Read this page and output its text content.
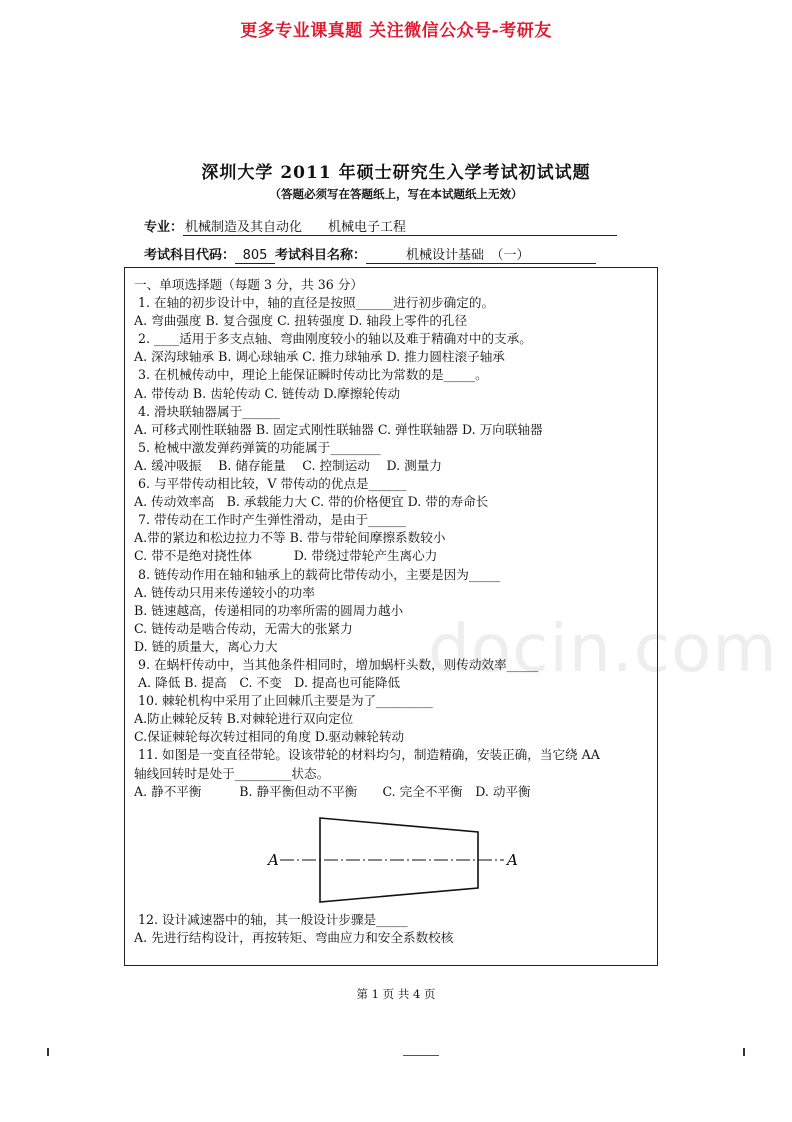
更多专业课真题 关注微信公众号-考研友
深圳大学 2011 年硕士研究生入学考试初试试题
（答题必须写在答题纸上，写在本试题纸上无效）
专业： 机械制造及其自动化　　机械电子工程
考试科目代码： 805 考试科目名称：	机械设计基础　（一）
docin.com
一、单项选择题（每题 3 分，共 36 分）
1. 在轴的初步设计中，轴的直径是按照______进行初步确定的。
A. 弯曲强度 B. 复合强度 C. 扭转强度 D. 轴段上零件的孔径
2. ____适用于多支点轴、弯曲刚度较小的轴以及难于精确对中的支承。
A. 深沟球轴承 B. 调心球轴承 C. 推力球轴承 D. 推力圆柱滚子轴承
3. 在机械传动中，理论上能保证瞬时传动比为常数的是_____。
A. 带传动 B. 齿轮传动 C. 链传动 D.摩擦轮传动
4. 滑块联轴器属于______
A. 可移式刚性联轴器 B. 固定式刚性联轴器 C. 弹性联轴器 D. 万向联轴器
5. 枪械中激发弹药弹簧的功能属于________
A. 缓冲吸振　 B. 储存能量　 C. 控制运动　 D. 测量力
6. 与平带传动相比较，V 带传动的优点是______
A. 传动效率高　B. 承载能力大 C. 带的价格便宜 D. 带的寿命长
7. 带传动在工作时产生弹性滑动，是由于______
A.带的紧边和松边拉力不等 B. 带与带轮间摩擦系数较小
C. 带不是绝对挠性体　　　 D. 带绕过带轮产生离心力
8. 链传动作用在轴和轴承上的载荷比带传动小，主要是因为_____
A. 链传动只用来传递较小的功率
B. 链速越高，传递相同的功率所需的圆周力越小
C. 链传动是啮合传动，无需大的张紧力
D. 链的质量大，离心力大
9. 在蜗杆传动中，当其他条件相同时，增加蜗杆头数，则传动效率_____
A. 降低 B. 提高　C. 不变　D. 提高也可能降低
10. 棘轮机构中采用了止回棘爪主要是为了_________
A.防止棘轮反转 B.对棘轮进行双向定位
C.保证棘轮每次转过相同的角度 D.驱动棘轮转动
11. 如图是一变直径带轮。设该带轮的材料均匀，制造精确，安装正确，当它绕 AA
轴线回转时是处于_________状态。
A. 静不平衡　　　B. 静平衡但动不平衡　　C. 完全不平衡　D. 动平衡
12. 设计减速器中的轴，其一般设计步骤是_____
A. 先进行结构设计，再按转矩、弯曲应力和安全系数校核
A	A
第 1 页 共 4 页
